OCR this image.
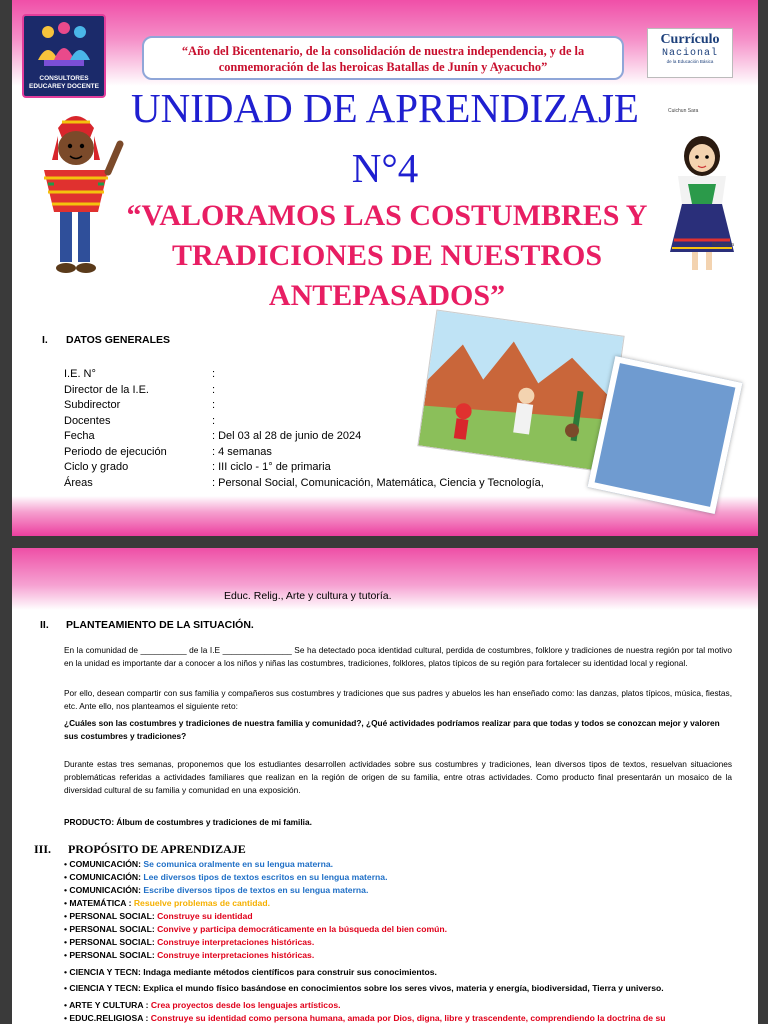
CONSULTORES EDUCAREY DOCENTE
“Año del Bicentenario, de la consolidación de nuestra independencia, y de la conmemoración de las heroicas Batallas de Junín y Ayacucho”
Currículo
Nacional
de la Educación Básica
Cuichun Sara
Mamayna
UNIDAD DE APRENDIZAJE
N°4
“VALORAMOS LAS COSTUMBRES Y TRADICIONES DE NUESTROS ANTEPASADOS”
I. DATOS GENERALES
I.E. N°	:
Director de la I.E.	:
Subdirector	:
Docentes	:
Fecha	: Del 03 al 28 de junio de 2024
Periodo de ejecución	: 4 semanas
Ciclo y grado	: III ciclo - 1° de primaria
Áreas	: Personal Social, Comunicación, Matemática, Ciencia y Tecnología,
Educ. Relig., Arte y cultura y tutoría.
II. PLANTEAMIENTO DE LA SITUACIÓN.
En la comunidad de __________ de la I.E _______________ Se ha detectado poca identidad cultural, perdida de costumbres, folklore y tradiciones de nuestra región por tal motivo en la unidad es importante dar a conocer a los niños y niñas las costumbres, tradiciones, folklores, platos típicos de su región para fortalecer su identidad local y regional.
Por ello, desean compartir con sus familia y compañeros sus costumbres y tradiciones que sus padres y abuelos les han enseñado como: las danzas, platos típicos, música, fiestas, etc. Ante ello, nos planteamos el siguiente reto:
¿Cuáles son las costumbres y tradiciones de nuestra familia y comunidad?, ¿Qué actividades podríamos realizar para que todas y todos se conozcan mejor y valoren sus costumbres y tradiciones?
Durante estas tres semanas, proponemos que los estudiantes desarrollen actividades sobre sus costumbres y tradiciones, lean diversos tipos de textos, resuelvan situaciones problemáticas referidas a actividades familiares que realizan en la región de origen de su familia, entre otras actividades. Como producto final presentarán un mosaico de la diversidad cultural de su familia y comunidad en una exposición.
PRODUCTO: Álbum de costumbres y tradiciones de mi familia.
III. PROPÓSITO DE APRENDIZAJE
• COMUNICACIÓN: Se comunica oralmente en su lengua materna.
• COMUNICACIÓN: Lee diversos tipos de textos escritos en su lengua materna.
• COMUNICACIÓN: Escribe diversos tipos de textos en su lengua materna.
• MATEMÁTICA : Resuelve problemas de cantidad.
• PERSONAL SOCIAL: Construye su identidad
• PERSONAL SOCIAL: Convive y participa democráticamente en la búsqueda del bien común.
• PERSONAL SOCIAL: Construye interpretaciones históricas.
• PERSONAL SOCIAL: Construye interpretaciones históricas.
• CIENCIA Y TECN: Indaga mediante métodos científicos para construir sus conocimientos.
• CIENCIA Y TECN: Explica el mundo físico basándose en conocimientos sobre los seres vivos, materia y energía, biodiversidad, Tierra y universo.
• ARTE Y CULTURA : Crea proyectos desde los lenguajes artísticos.
• EDUC.RELIGIOSA : Construye su identidad como persona humana, amada por Dios, digna, libre y trascendente, comprendiendo la doctrina de su
